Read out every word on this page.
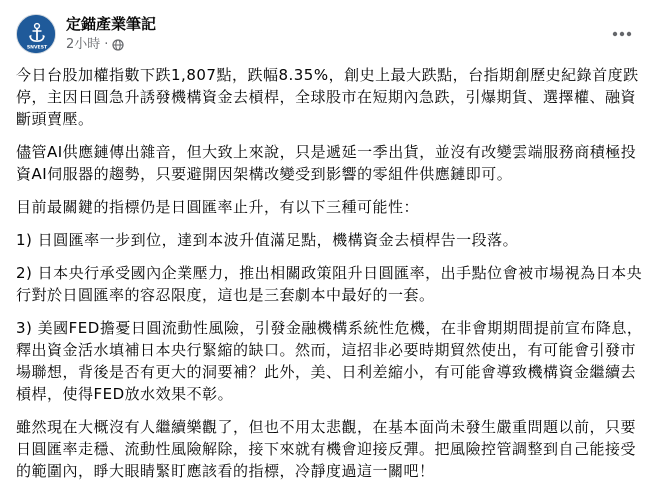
SNVEST
定錨產業筆記
2小時 ·

今日台股加權指數下跌1,807點，跌幅8.35%，創史上最大跌點，台指期創歷史紀錄首度跌停，主因日圓急升誘發機構資金去槓桿，全球股市在短期內急跌，引爆期貨、選擇權、融資斷頭賣壓。

儘管AI供應鏈傳出雜音，但大致上來說，只是遞延一季出貨，並沒有改變雲端服務商積極投資AI伺服器的趨勢，只要避開因架構改變受到影響的零組件供應鏈即可。

目前最關鍵的指標仍是日圓匯率止升，有以下三種可能性：

1) 日圓匯率一步到位，達到本波升值滿足點，機構資金去槓桿告一段落。

2) 日本央行承受國內企業壓力，推出相關政策阻升日圓匯率，出手點位會被市場視為日本央行對於日圓匯率的容忍限度，這也是三套劇本中最好的一套。

3) 美國FED擔憂日圓流動性風險，引發金融機構系統性危機，在非會期期間提前宣布降息，釋出資金活水填補日本央行緊縮的缺口。然而，這招非必要時期貿然使出，有可能會引發市場聯想，背後是否有更大的洞要補？此外，美、日利差縮小，有可能會導致機構資金繼續去槓桿，使得FED放水效果不彰。

雖然現在大概沒有人繼續樂觀了，但也不用太悲觀，在基本面尚未發生嚴重問題以前，只要日圓匯率走穩、流動性風險解除，接下來就有機會迎接反彈。把風險控管調整到自己能接受的範圍內，睜大眼睛緊盯應該看的指標，冷靜度過這一關吧！
